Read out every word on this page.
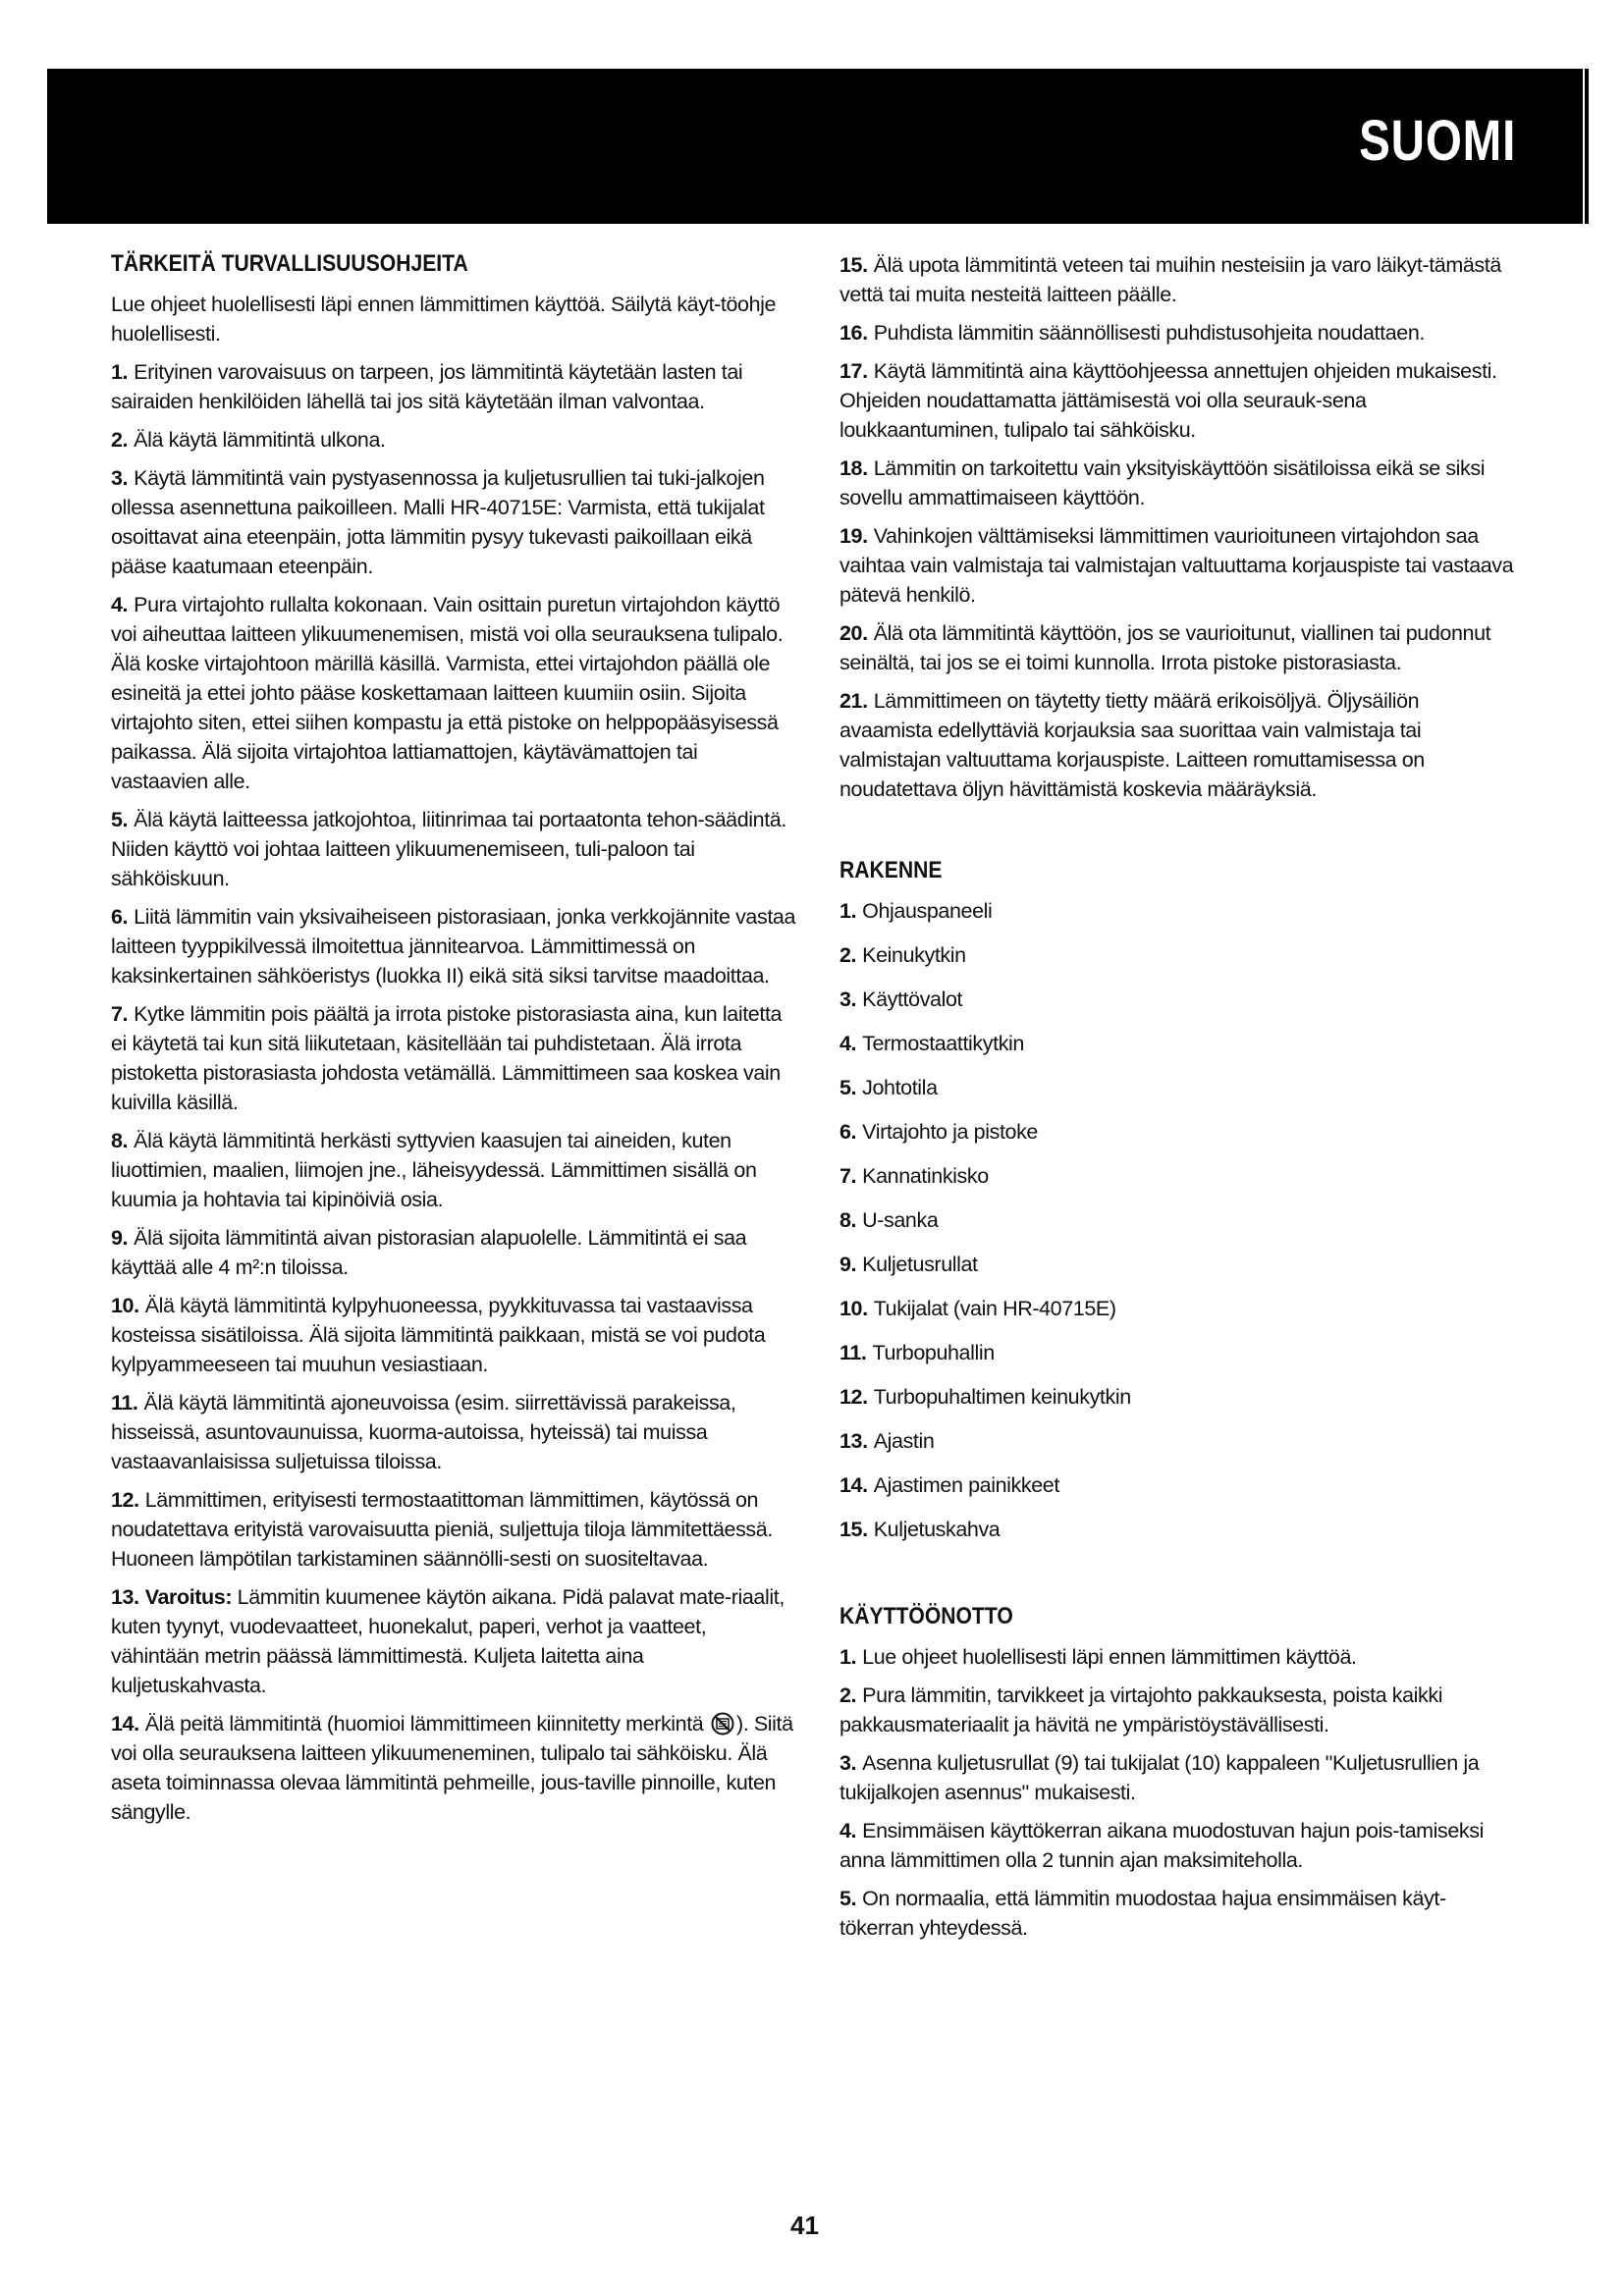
SUOMI
TÄRKEITÄ TURVALLISUUSOHJEITA

Lue ohjeet huolellisesti läpi ennen lämmittimen käyttöä. Säilytä käyt-töohje huolellisesti.

1. Erityinen varovaisuus on tarpeen, jos lämmitintä käytetään lasten tai sairaiden henkilöiden lähellä tai jos sitä käytetään ilman valvontaa.

2. Älä käytä lämmitintä ulkona.

3. Käytä lämmitintä vain pystyasennossa ja kuljetusrullien tai tuki-jalkojen ollessa asennettuna paikoilleen. Malli HR-40715E: Varmista, että tukijalat osoittavat aina eteenpäin, jotta lämmitin pysyy tukevasti paikoillaan eikä pääse kaatumaan eteenpäin.

4. Pura virtajohto rullalta kokonaan. Vain osittain puretun virtajohdon käyttö voi aiheuttaa laitteen ylikuumenemisen, mistä voi olla seurauksena tulipalo. Älä koske virtajohtoon märillä käsillä. Varmista, ettei virtajohdon päällä ole esineitä ja ettei johto pääse koskettamaan laitteen kuumiin osiin. Sijoita virtajohto siten, ettei siihen kompastu ja että pistoke on helppopääsyisessä paikassa. Älä sijoita virtajohtoa lattiamattojen, käytävämattojen tai vastaavien alle.

5. Älä käytä laitteessa jatkojohtoa, liitinrimaa tai portaatonta tehon-säädintä. Niiden käyttö voi johtaa laitteen ylikuumenemiseen, tuli-paloon tai sähköiskuun.

6. Liitä lämmitin vain yksivaiheiseen pistorasiaan, jonka verkkojännite vastaa laitteen tyyppikilvessä ilmoitettua jännitearvoa. Lämmittimessä on kaksinkertainen sähköeristys (luokka II) eikä sitä siksi tarvitse maadoittaa.

7. Kytke lämmitin pois päältä ja irrota pistoke pistorasiasta aina, kun laitetta ei käytetä tai kun sitä liikutetaan, käsitellään tai puhdistetaan. Älä irrota pistoketta pistorasiasta johdosta vetämällä. Lämmittimeen saa koskea vain kuivilla käsillä.

8. Älä käytä lämmitintä herkästi syttyvien kaasujen tai aineiden, kuten liuottimien, maalien, liimojen jne., läheisyydessä. Lämmittimen sisällä on kuumia ja hohtavia tai kipinöiviä osia.

9. Älä sijoita lämmitintä aivan pistorasian alapuolelle. Lämmitintä ei saa käyttää alle 4 m²:n tiloissa.

10. Älä käytä lämmitintä kylpyhuoneessa, pyykkituvassa tai vastaavissa kosteissa sisätiloissa. Älä sijoita lämmitintä paikkaan, mistä se voi pudota kylpyammeeseen tai muuhun vesiastiaan.

11. Älä käytä lämmitintä ajoneuvoissa (esim. siirrettävissä parakeissa, hisseissä, asuntovaunuissa, kuorma-autoissa, hyteissä) tai muissa vastaavanlaisissa suljetuissa tiloissa.

12. Lämmittimen, erityisesti termostaatittoman lämmittimen, käytössä on noudatettava erityistä varovaisuutta pieniä, suljettuja tiloja lämmitettäessä. Huoneen lämpötilan tarkistaminen säännölli-sesti on suositeltavaa.

13. Varoitus: Lämmitin kuumenee käytön aikana. Pidä palavat mate-riaalit, kuten tyynyt, vuodevaatteet, huonekalut, paperi, verhot ja vaatteet, vähintään metrin päässä lämmittimestä. Kuljeta laitetta aina kuljetuskahvasta.

14. Älä peitä lämmitintä (huomioi lämmittimeen kiinnitetty merkintä ). Siitä voi olla seurauksena laitteen ylikuumeneminen, tulipalo tai sähköisku. Älä aseta toiminnassa olevaa lämmitintä pehmeille, jous-taville pinnoille, kuten sängylle.

15. Älä upota lämmitintä veteen tai muihin nesteisiin ja varo läikyt-tämästä vettä tai muita nesteitä laitteen päälle.

16. Puhdista lämmitin säännöllisesti puhdistusohjeita noudattaen.

17. Käytä lämmitintä aina käyttöohjeessa annettujen ohjeiden mukaisesti. Ohjeiden noudattamatta jättämisestä voi olla seurauk-sena loukkaantuminen, tulipalo tai sähköisku.

18. Lämmitin on tarkoitettu vain yksityiskäyttöön sisätiloissa eikä se siksi sovellu ammattimaiseen käyttöön.

19. Vahinkojen välttämiseksi lämmittimen vaurioituneen virtajohdon saa vaihtaa vain valmistaja tai valmistajan valtuuttama korjauspiste tai vastaava pätevä henkilö.

20. Älä ota lämmitintä käyttöön, jos se vaurioitunut, viallinen tai pudonnut seinältä, tai jos se ei toimi kunnolla. Irrota pistoke pistorasiasta.

21. Lämmittimeen on täytetty tietty määrä erikoisöljyä. Öljysäiliön avaamista edellyttäviä korjauksia saa suorittaa vain valmistaja tai valmistajan valtuuttama korjauspiste. Laitteen romuttamisessa on noudatettava öljyn hävittämistä koskevia määräyksiä.

RAKENNE
1. Ohjauspaneeli
2. Keinukytkin
3. Käyttövalot
4. Termostaattikytkin
5. Johtotila
6. Virtajohto ja pistoke
7. Kannatinkisko
8. U-sanka
9. Kuljetusrullat
10. Tukijalat (vain HR-40715E)
11. Turbopuhallin
12. Turbopuhaltimen keinukytkin
13. Ajastin
14. Ajastimen painikkeet
15. Kuljetuskahva
KÄYTTÖÖNOTTO

1. Lue ohjeet huolellisesti läpi ennen lämmittimen käyttöä.

2. Pura lämmitin, tarvikkeet ja virtajohto pakkauksesta, poista kaikki pakkausmateriaalit ja hävitä ne ympäristöystävällisesti.

3. Asenna kuljetusrullat (9) tai tukijalat (10) kappaleen "Kuljetusrullien ja tukijalkojen asennus" mukaisesti.

4. Ensimmäisen käyttökerran aikana muodostuvan hajun pois-tamiseksi anna lämmittimen olla 2 tunnin ajan maksimiteholla.

5. On normaalia, että lämmitin muodostaa hajua ensimmäisen käyt-tökerran yhteydessä.

41
